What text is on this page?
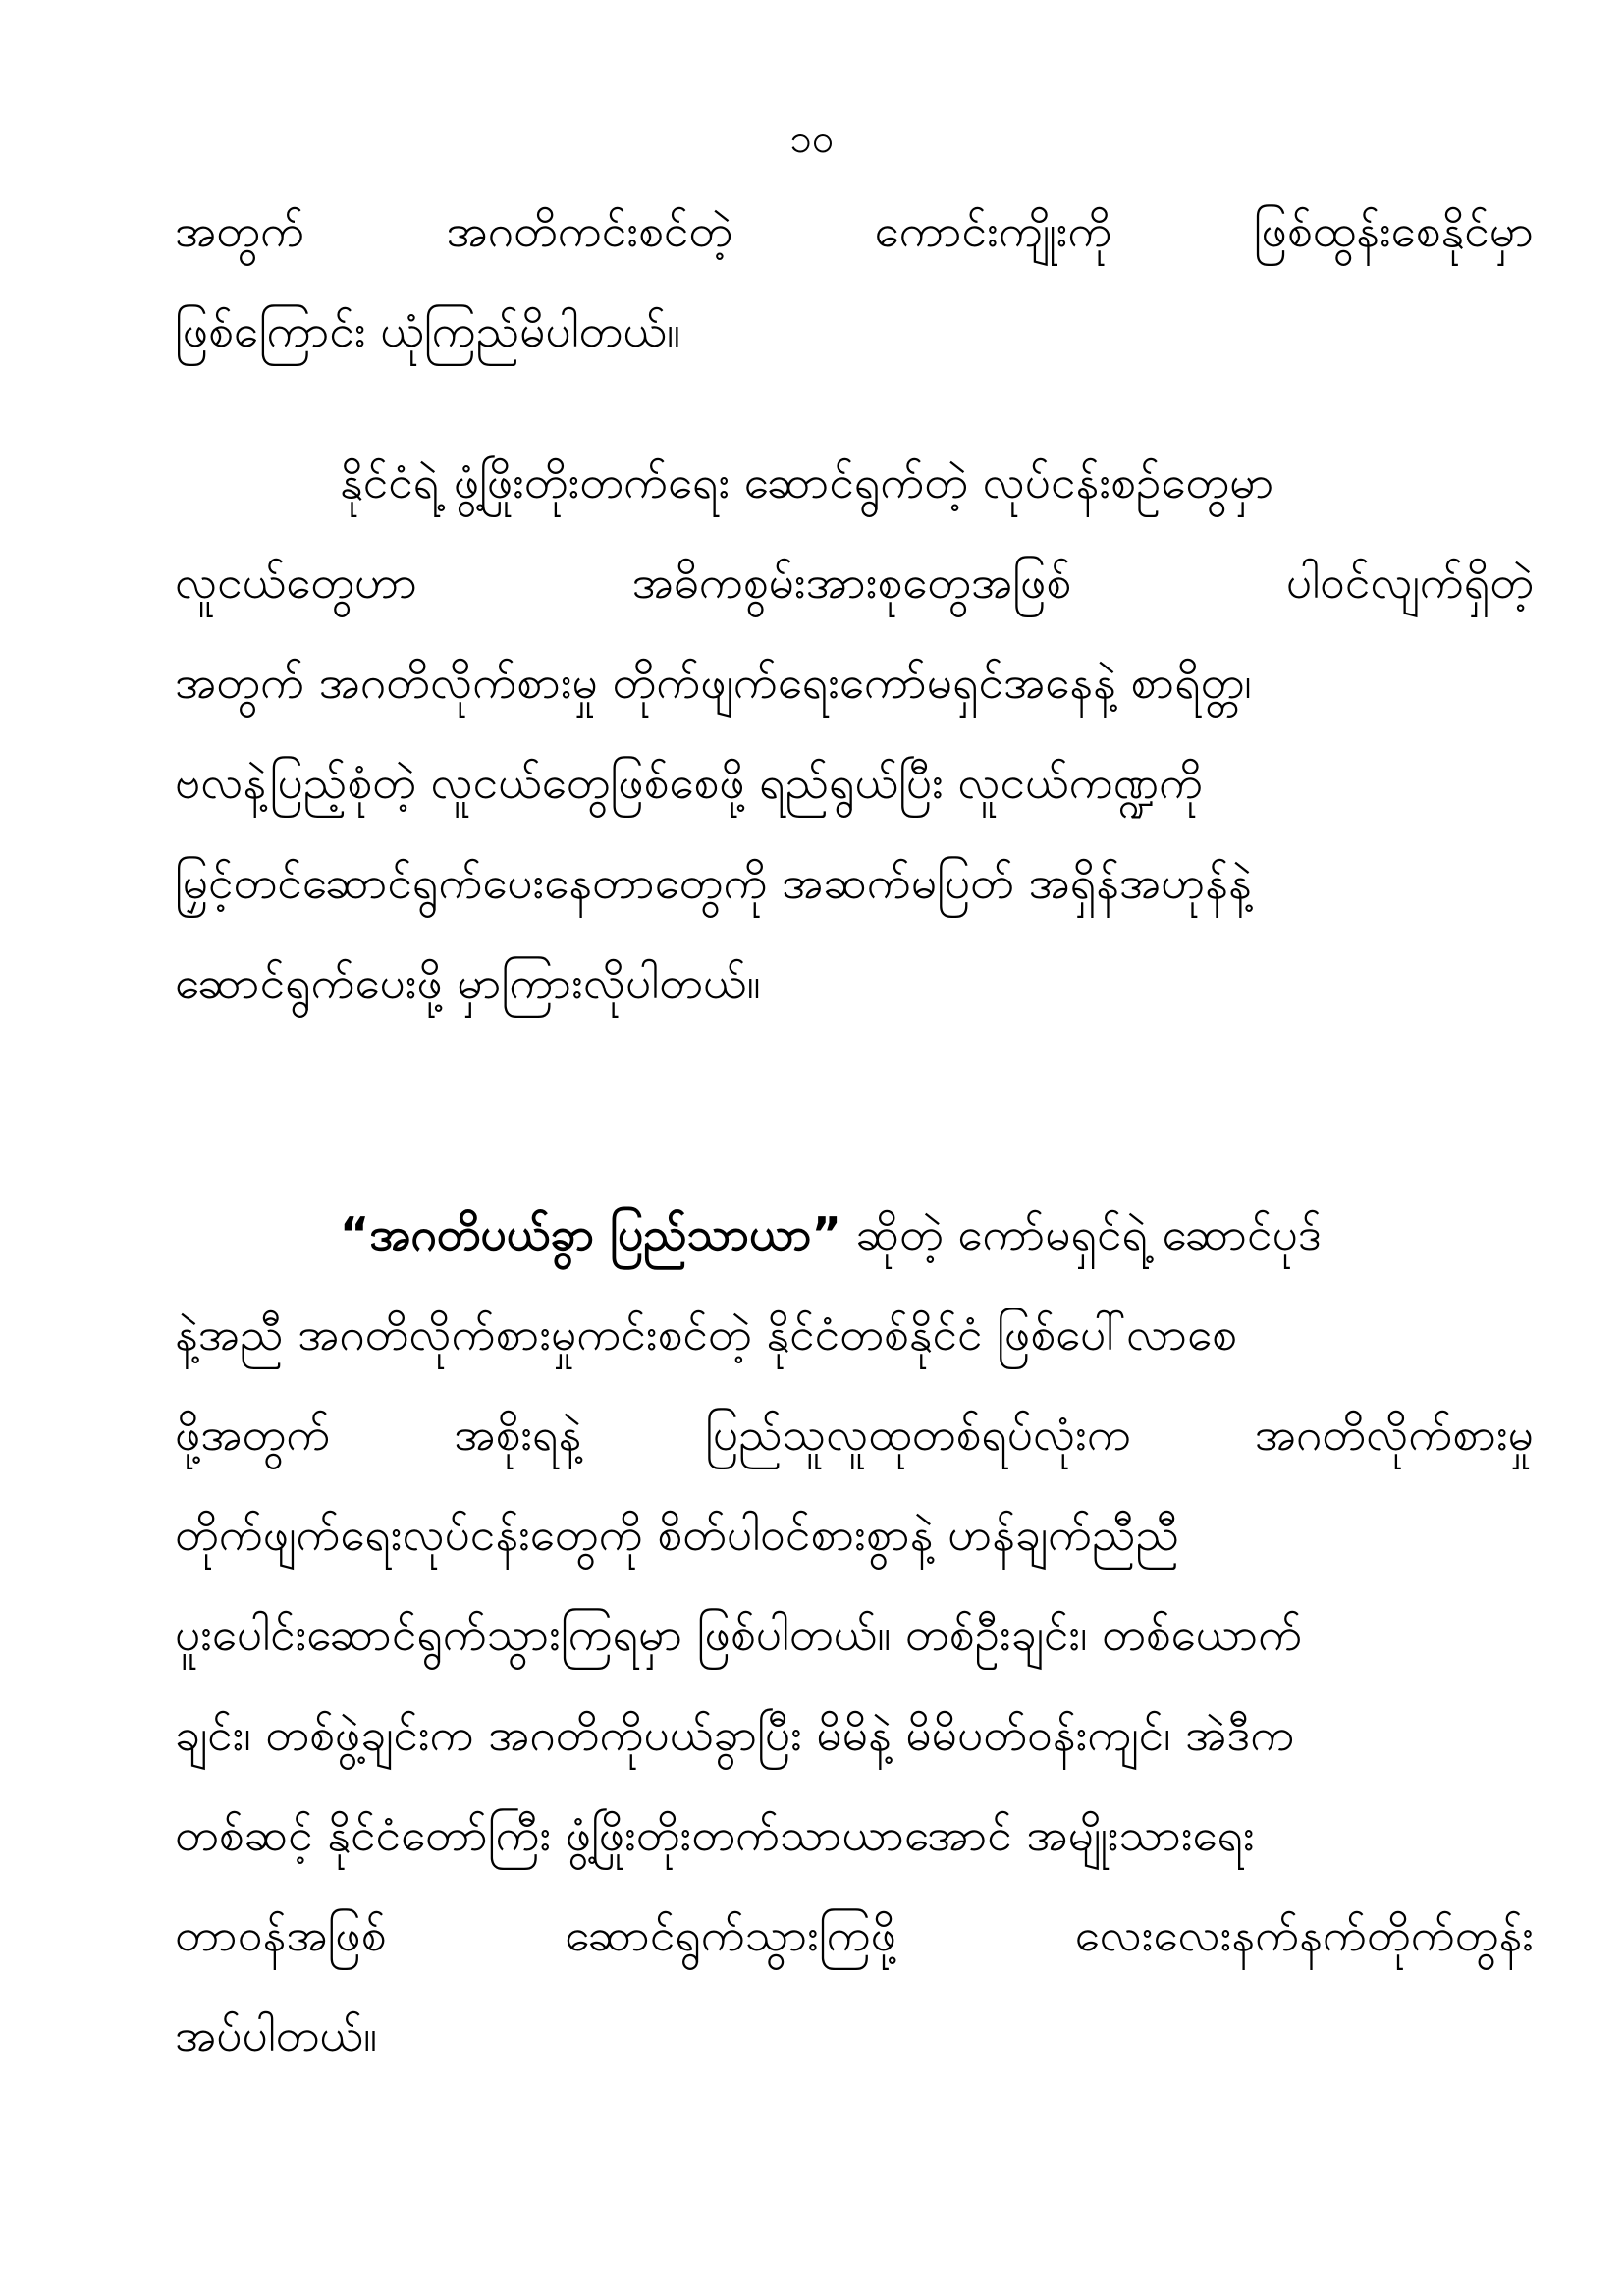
၁၀
အတွက်	အဂတိကင်းစင်တဲ့	ကောင်းကျိုးကို	ဖြစ်ထွန်းစေနိုင်မှာ
ဖြစ်ကြောင်း ယုံကြည်မိပါတယ်။
နိုင်ငံရဲ့ ဖွံ့ဖြိုးတိုးတက်ရေး ဆောင်ရွက်တဲ့ လုပ်ငန်းစဉ်တွေမှာ
လူငယ်တွေဟာ	အဓိကစွမ်းအားစုတွေအဖြစ်	ပါဝင်လျက်ရှိတဲ့
အတွက် အဂတိလိုက်စားမှု တိုက်ဖျက်ရေးကော်မရှင်အနေနဲ့ စာရိတ္တ၊
ဗလနဲ့ပြည့်စုံတဲ့ လူငယ်တွေဖြစ်စေဖို့ ရည်ရွယ်ပြီး လူငယ်ကဏ္ဍကို
မြှင့်တင်ဆောင်ရွက်ပေးနေတာတွေကို အဆက်မပြတ် အရှိန်အဟုန်နဲ့
ဆောင်ရွက်ပေးဖို့ မှာကြားလိုပါတယ်။
“အဂတိပယ်ခွာ ပြည်သာယာ” ဆိုတဲ့ ကော်မရှင်ရဲ့ ဆောင်ပုဒ်
နဲ့အညီ အဂတိလိုက်စားမှုကင်းစင်တဲ့ နိုင်ငံတစ်နိုင်ငံ ဖြစ်ပေါ်လာစေ
ဖို့အတွက်	အစိုးရနဲ့	ပြည်သူလူထုတစ်ရပ်လုံးက	အဂတိလိုက်စားမှု
တိုက်ဖျက်ရေးလုပ်ငန်းတွေကို စိတ်ပါဝင်စားစွာနဲ့ ဟန်ချက်ညီညီ
ပူးပေါင်းဆောင်ရွက်သွားကြရမှာ ဖြစ်ပါတယ်။ တစ်ဦးချင်း၊ တစ်ယောက်
ချင်း၊ တစ်ဖွဲ့ချင်းက အဂတိကိုပယ်ခွာပြီး မိမိနဲ့ မိမိပတ်ဝန်းကျင်၊ အဲဒီက
တစ်ဆင့် နိုင်ငံတော်ကြီး ဖွံ့ဖြိုးတိုးတက်သာယာအောင် အမျိုးသားရေး
တာဝန်အဖြစ်	ဆောင်ရွက်သွားကြဖို့	လေးလေးနက်နက်တိုက်တွန်း
အပ်ပါတယ်။
